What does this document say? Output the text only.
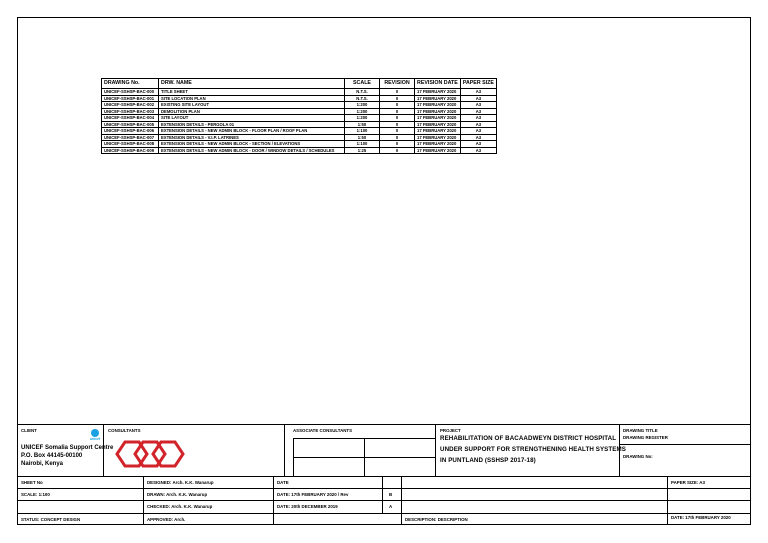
DRAWING No.	DRW. NAME	SCALE	REVISION	REVISION DATE	PAPER SIZE
UNICEF-SSHSP-BAC-000	TITLE SHEET	N.T.S.	0	17 FEBRUARY 2020	A3
UNICEF-SSHSP-BAC-001	SITE LOCATION PLAN	N.T.S.	0	17 FEBRUARY 2020	A3
UNICEF-SSHSP-BAC-002	EXISTING SITE LAYOUT	1:200	0	17 FEBRUARY 2020	A3
UNICEF-SSHSP-BAC-003	DEMOLITION PLAN	1:200	0	17 FEBRUARY 2020	A3
UNICEF-SSHSP-BAC-004	SITE LAYOUT	1:200	0	17 FEBRUARY 2020	A3
UNICEF-SSHSP-BAC-005	EXTENSION DETAILS - PERGOLA 01	1:50	0	17 FEBRUARY 2020	A3
UNICEF-SSHSP-BAC-006	EXTENSION DETAILS - NEW ADMIN BLOCK - FLOOR PLAN / ROOF PLAN	1:100	0	17 FEBRUARY 2020	A3
UNICEF-SSHSP-BAC-007	EXTENSION DETAILS - V.I.P. LATRINES	1:50	0	17 FEBRUARY 2020	A3
UNICEF-SSHSP-BAC-008	EXTENSION DETAILS - NEW ADMIN BLOCK - SECTION / ELEVATIONS	1:100	0	17 FEBRUARY 2020	A3
UNICEF-SSHSP-BAC-009	EXTENSION DETAILS - NEW ADMIN BLOCK - DOOR / WINDOW DETAILS / SCHEDULES	1:25	0	17 FEBRUARY 2020	A3
CLIENT
unicef
UNICEF Somalia Support Centre
P.O. Box 44145-00100
Nairobi, Kenya
CONSULTANTS	ASSOCIATE CONSULTANTS	PROJECT
REHABILITATION OF BACAADWEYN DISTRICT HOSPITAL
UNDER SUPPORT FOR STRENGTHENING HEALTH SYSTEMS
IN PUNTLAND (SSHSP 2017-18)
DRAWING TITLE
DRAWING REGISTER
DRAWING No:
SHEET No	DESIGNED: Arch. K.K. Wanarup	DATE	PAPER SIZE: A3
SCALE: 1:100	DRAWN: Arch. K.K. Wanarup	DATE: 17th FEBRUARY 2020 / Rev	B
CHECKED: Arch. K.K. Wanarup	DATE: 20th DECEMBER 2019	A
STATUS: CONCEPT DESIGN	APPROVED: Arch.	DESCRIPTION: DESCRIPTION	DATE: 17th FEBRUARY 2020
